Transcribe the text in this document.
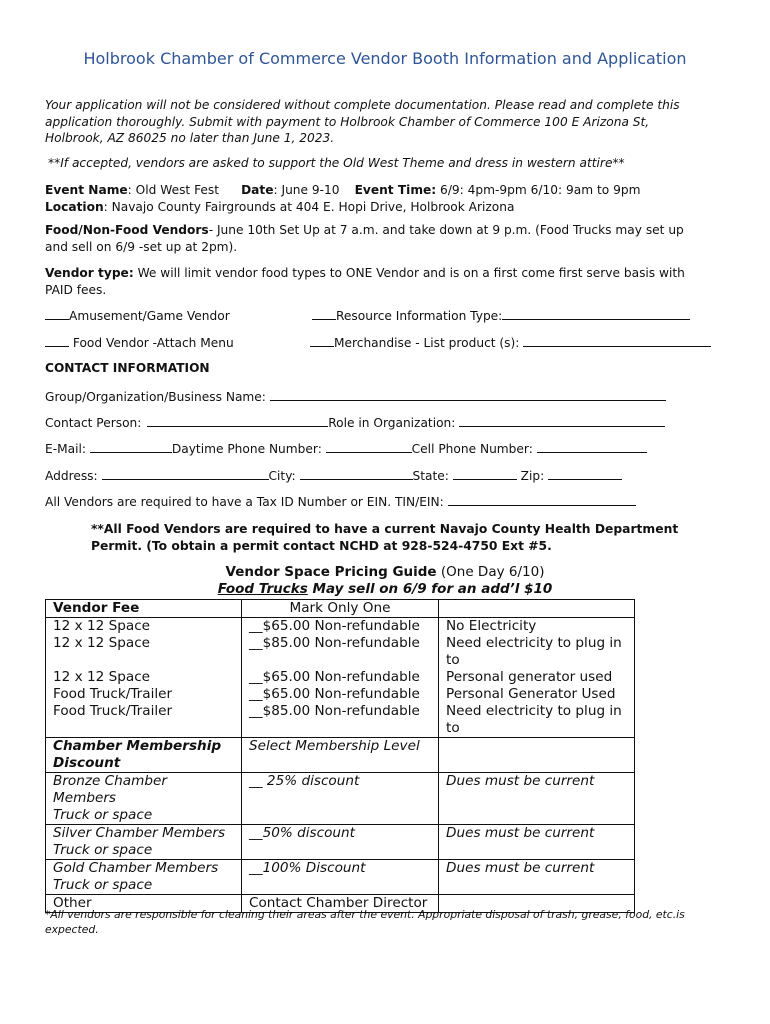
Holbrook Chamber of Commerce Vendor Booth Information and Application
Your application will not be considered without complete documentation. Please read and complete this
application thoroughly. Submit with payment to Holbrook Chamber of Commerce 100 E Arizona St,
Holbrook, AZ 86025 no later than June 1, 2023.
**If accepted, vendors are asked to support the Old West Theme and dress in western attire**
Event Name: Old West Fest Date: June 9-10 Event Time: 6/9: 4pm-9pm 6/10: 9am to 9pm
Location: Navajo County Fairgrounds at 404 E. Hopi Drive, Holbrook Arizona
Food/Non-Food Vendors- June 10th Set Up at 7 a.m. and take down at 9 p.m. (Food Trucks may set up
and sell on 6/9 -set up at 2pm).
Vendor type: We will limit vendor food types to ONE Vendor and is on a first come first serve basis with
PAID fees.
Amusement/Game Vendor	Resource Information Type:
Food Vendor -Attach Menu	Merchandise - List product (s):
CONTACT INFORMATION
Group/Organization/Business Name:
Contact Person:	Role in Organization:
E-Mail:	Daytime Phone Number:	Cell Phone Number:
Address:	City:	State:	Zip:
All Vendors are required to have a Tax ID Number or EIN. TIN/EIN:
**All Food Vendors are required to have a current Navajo County Health Department
Permit. (To obtain a permit contact NCHD at 928-524-4750 Ext #5.
Vendor Space Pricing Guide (One Day 6/10)
Food Trucks May sell on 6/9 for an add’l $10
Vendor Fee	Mark Only One	
12 x 12 Space	__$65.00 Non-refundable	No Electricity
12 x 12 Space	__$85.00 Non-refundable	Need electricity to plug in to
12 x 12 Space	__$65.00 Non-refundable	Personal generator used
Food Truck/Trailer	__$65.00 Non-refundable	Personal Generator Used
Food Truck/Trailer	__$85.00 Non-refundable	Need electricity to plug in to
Chamber Membership Discount	Select Membership Level	

Bronze Chamber Members
Truck or space	__ 25% discount	Dues must be current

Silver Chamber Members
Truck or space	__50% discount	Dues must be current

Gold Chamber Members
Truck or space	__100% Discount	Dues must be current
Other	Contact Chamber Director	
*All vendors are responsible for cleaning their areas after the event. Appropriate disposal of trash, grease, food, etc.is expected.
